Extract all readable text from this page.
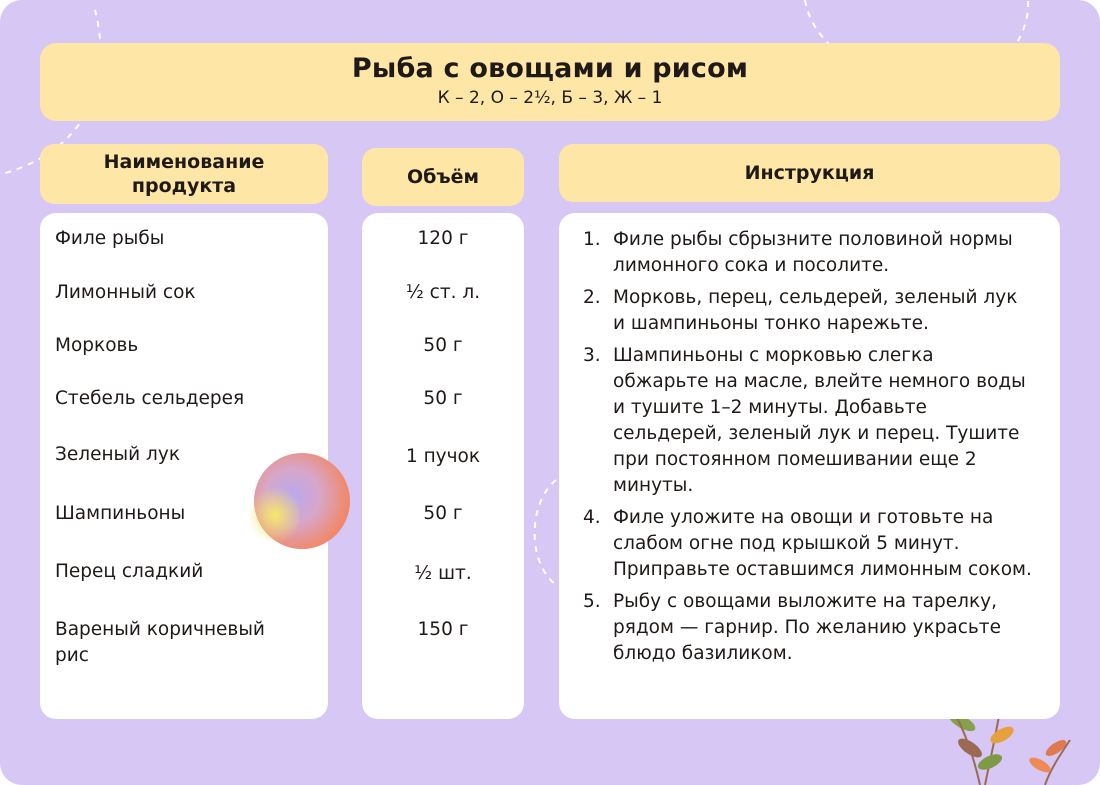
Рыба с овощами и рисом
К – 2, О – 2½, Б – 3, Ж – 1
Наименование продукта	Объём	Инструкция
Филе рыбы
Лимонный сок
Морковь
Стебель сельдерея
Зеленый лук
Шампиньоны
Перец сладкий
Вареный коричневый рис
120 г
½ ст. л.
50 г
50 г
1 пучок
50 г
½ шт.
150 г
1. Филе рыбы сбрызните половиной нормы лимонного сока и посолите.
2. Морковь, перец, сельдерей, зеленый лук и шампиньоны тонко нарежьте.
3. Шампиньоны с морковью слегка обжарьте на масле, влейте немного воды и тушите 1–2 минуты. Добавьте сельдерей, зеленый лук и перец. Тушите при постоянном помешивании еще 2 минуты.
4. Филе уложите на овощи и готовьте на слабом огне под крышкой 5 минут. Приправьте оставшимся лимонным соком.
5. Рыбу с овощами выложите на тарелку, рядом — гарнир. По желанию украсьте блюдо базиликом.
